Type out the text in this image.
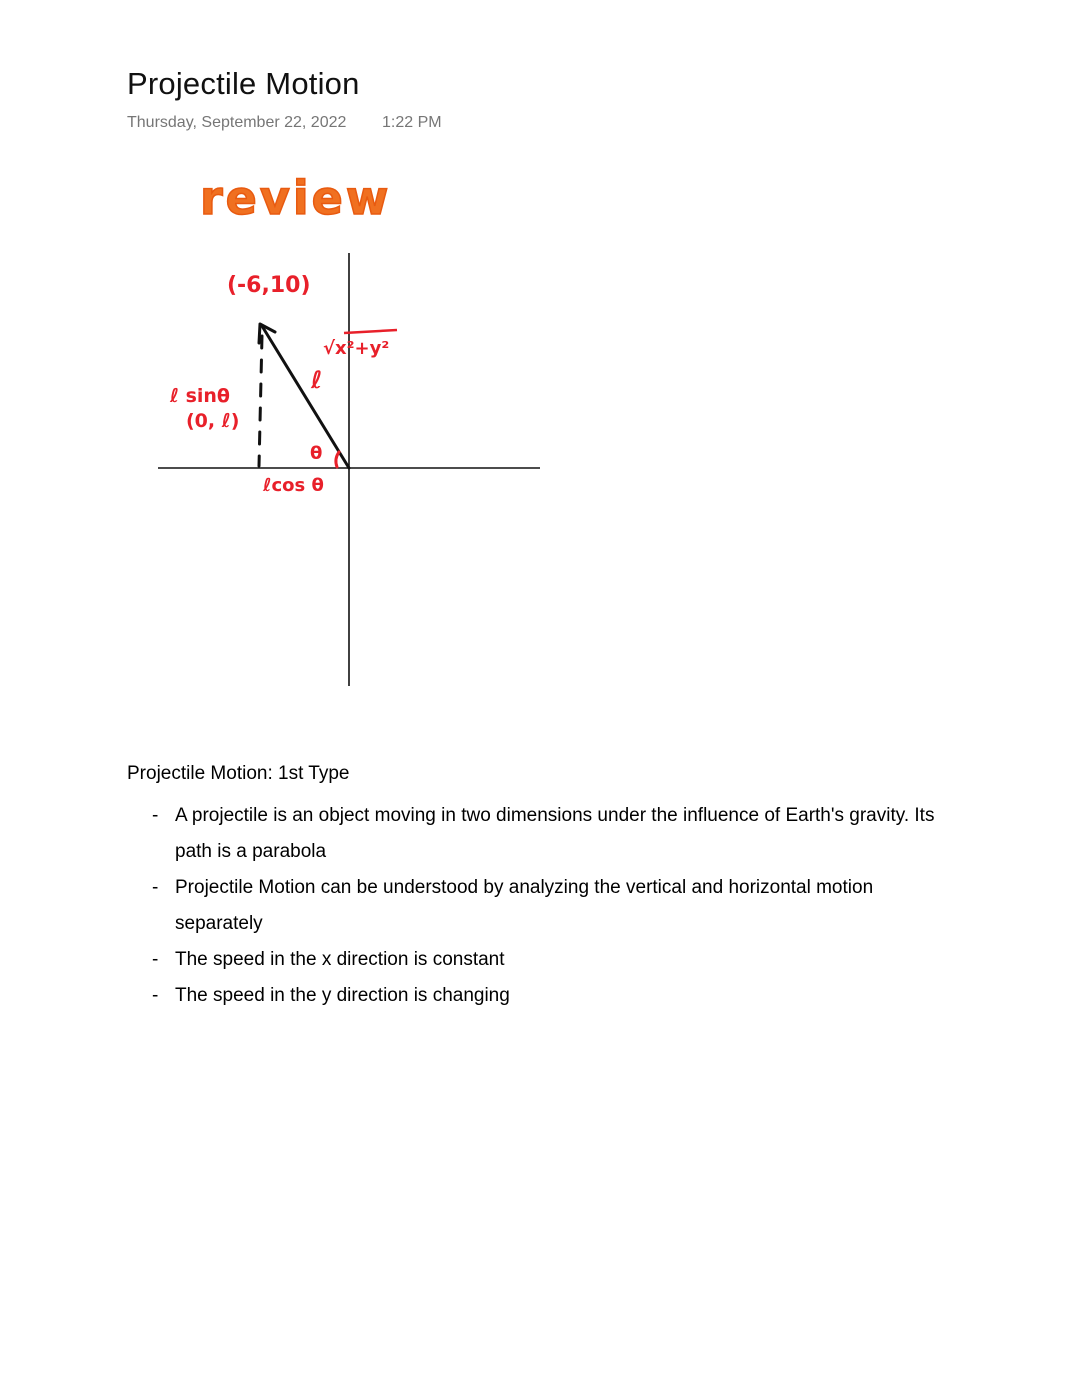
Projectile Motion
Thursday, September 22, 2022 1:22 PM
review
(-6,10)
√x²+y²
ℓ
ℓ sinθ
(0, ℓ)
θ
ℓcos θ
Projectile Motion: 1st Type
- A projectile is an object moving in two dimensions under the influence of Earth's gravity. Its path is a parabola
- Projectile Motion can be understood by analyzing the vertical and horizontal motion separately
- The speed in the x direction is constant
- The speed in the y direction is changing
